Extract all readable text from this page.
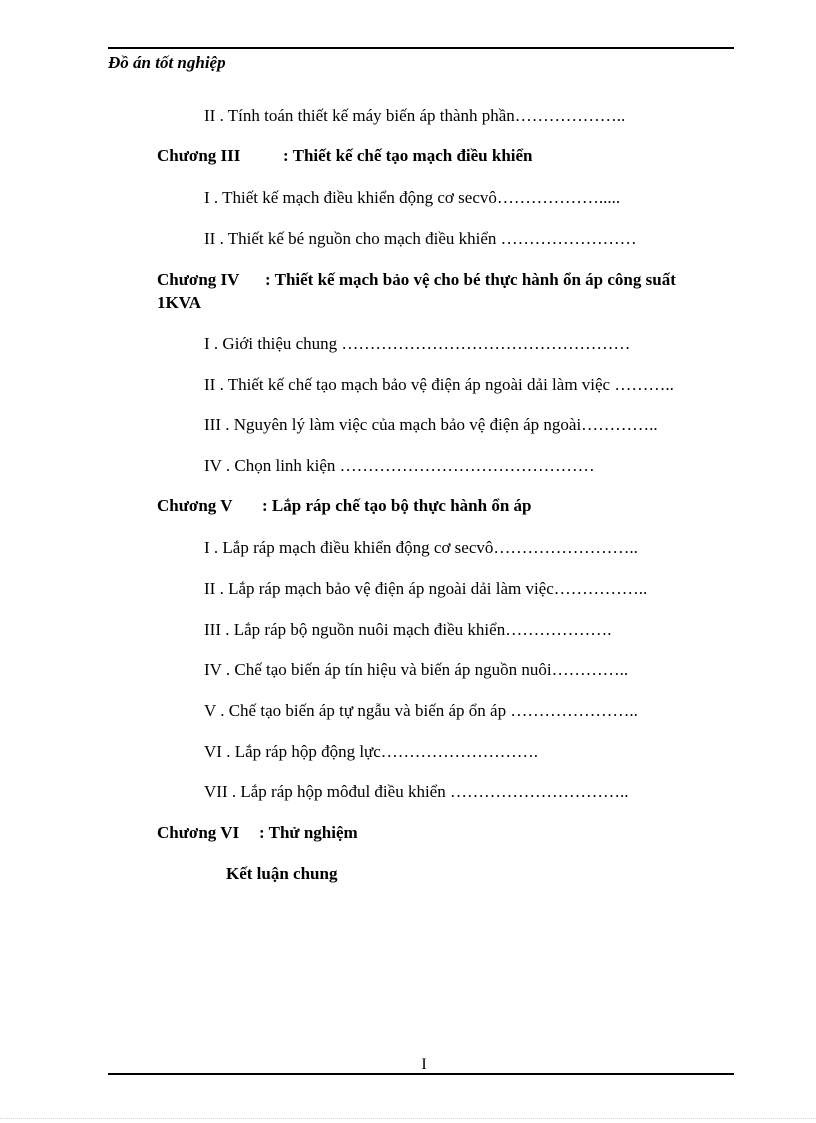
Đồ án tốt nghiệp
II . Tính toán thiết kế máy biến áp thành phần………………..
Chương III	: Thiết kế chế tạo mạch điều khiển
I . Thiết kế mạch điều khiển động cơ secvô……………….....
II . Thiết kế bé nguồn cho mạch điều khiển ……………………
Chương IV : Thiết kế mạch bảo vệ cho bé thực hành ổn áp công suất
1KVA
I . Giới thiệu chung ……………………………………………
II . Thiết kế chế tạo mạch bảo vệ điện áp ngoài dải làm việc ………..
III . Nguyên lý làm việc của mạch bảo vệ điện áp ngoài…………..
IV . Chọn linh kiện ………………………………………
Chương V : Lắp ráp chế tạo bộ thực hành ổn áp
I . Lắp ráp mạch điều khiển động cơ secvô……………………..
II . Lắp ráp mạch bảo vệ điện áp ngoài dải làm việc……………..
III . Lắp ráp bộ nguồn nuôi mạch điều khiển……………….
IV . Chế tạo biến áp tín hiệu và biến áp nguồn nuôi…………..
V . Chế tạo biến áp tự ngẫu và biến áp ổn áp …………………..
VI . Lắp ráp hộp động lực……………………….
VII . Lắp ráp hộp môđul điều khiển …………………………..
Chương VI : Thử nghiệm
Kết luận chung
I
